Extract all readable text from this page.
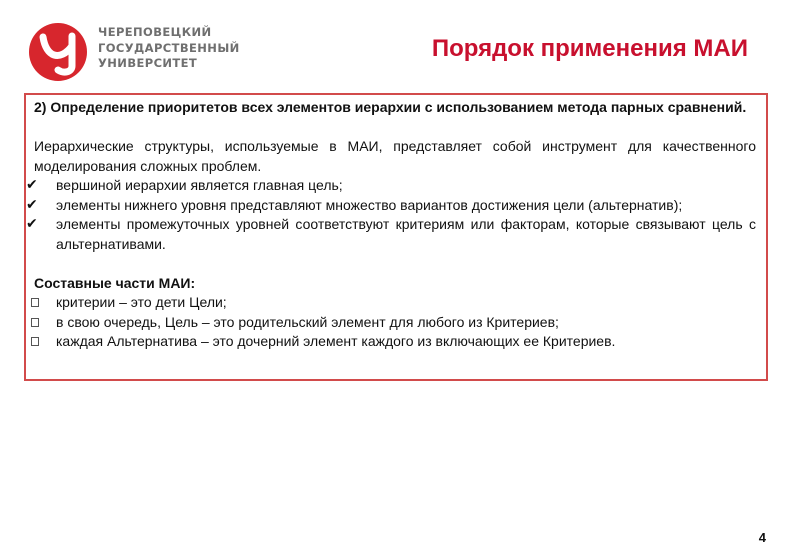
ЧЕРЕПОВЕЦКИЙ
ГОСУДАРСТВЕННЫЙ
УНИВЕРСИТЕТ
Порядок применения МАИ

2) Определение приоритетов всех элементов иерархии с использованием метода парных сравнений.

Иерархические структуры, используемые в МАИ, представляет собой инструмент для качественного моделирования сложных проблем.

✔	вершиной иерархии является главная цель;
✔	элементы нижнего уровня представляют множество вариантов достижения цели (альтернатив);
✔	элементы промежуточных уровней соответствуют критериям или факторам, которые связывают цель с альтернативами.

Составные части МАИ:

критерии – это дети Цели;
в свою очередь, Цель – это родительский элемент для любого из Критериев;
каждая Альтернатива – это дочерний элемент каждого из включающих ее Критериев.
4
